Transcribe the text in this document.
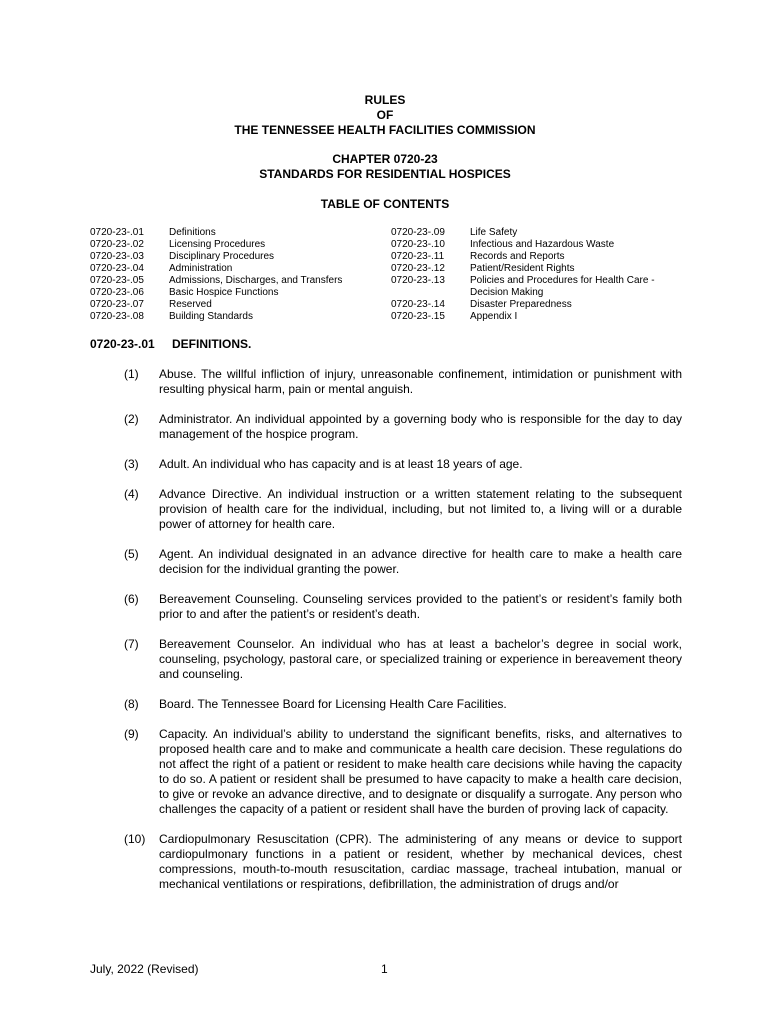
RULES
OF
THE TENNESSEE HEALTH FACILITIES COMMISSION
CHAPTER 0720-23
STANDARDS FOR RESIDENTIAL HOSPICES
TABLE OF CONTENTS
0720-23-.01	Definitions
0720-23-.02	Licensing Procedures
0720-23-.03	Disciplinary Procedures
0720-23-.04	Administration
0720-23-.05	Admissions, Discharges, and Transfers
0720-23-.06	Basic Hospice Functions
0720-23-.07	Reserved
0720-23-.08	Building Standards
0720-23-.09	Life Safety
0720-23-.10	Infectious and Hazardous Waste
0720-23-.11	Records and Reports
0720-23-.12	Patient/Resident Rights
0720-23-.13	Policies and Procedures for Health Care -
Decision Making
0720-23-.14	Disaster Preparedness
0720-23-.15	Appendix I
0720-23-.01 DEFINITIONS.
(1) Abuse. The willful infliction of injury, unreasonable confinement, intimidation or punishment with resulting physical harm, pain or mental anguish.
(2) Administrator. An individual appointed by a governing body who is responsible for the day to day management of the hospice program.
(3) Adult. An individual who has capacity and is at least 18 years of age.
(4) Advance Directive. An individual instruction or a written statement relating to the subsequent provision of health care for the individual, including, but not limited to, a living will or a durable power of attorney for health care.
(5) Agent. An individual designated in an advance directive for health care to make a health care decision for the individual granting the power.
(6) Bereavement Counseling. Counseling services provided to the patient’s or resident’s family both prior to and after the patient’s or resident’s death.
(7) Bereavement Counselor. An individual who has at least a bachelor’s degree in social work, counseling, psychology, pastoral care, or specialized training or experience in bereavement theory and counseling.
(8) Board. The Tennessee Board for Licensing Health Care Facilities.
(9) Capacity. An individual’s ability to understand the significant benefits, risks, and alternatives to proposed health care and to make and communicate a health care decision. These regulations do not affect the right of a patient or resident to make health care decisions while having the capacity to do so. A patient or resident shall be presumed to have capacity to make a health care decision, to give or revoke an advance directive, and to designate or disqualify a surrogate. Any person who challenges the capacity of a patient or resident shall have the burden of proving lack of capacity.
(10) Cardiopulmonary Resuscitation (CPR). The administering of any means or device to support cardiopulmonary functions in a patient or resident, whether by mechanical devices, chest compressions, mouth-to-mouth resuscitation, cardiac massage, tracheal intubation, manual or mechanical ventilations or respirations, defibrillation, the administration of drugs and/or
July, 2022 (Revised)	1
